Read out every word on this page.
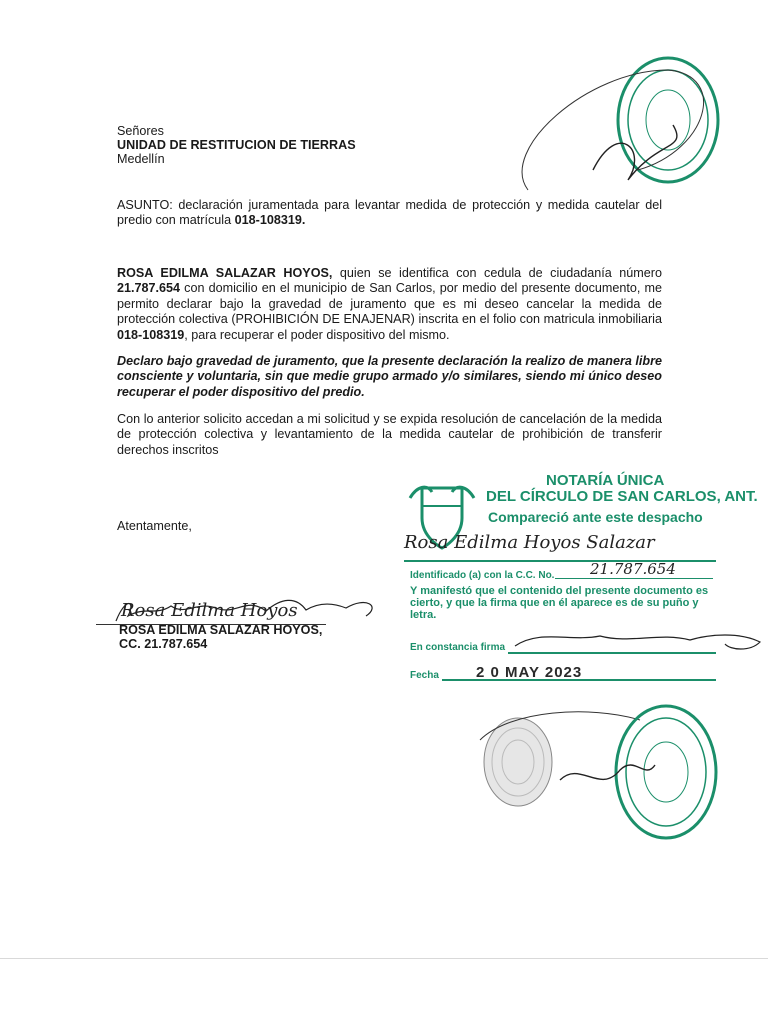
Señores
UNIDAD DE RESTITUCION DE TIERRAS
Medellín
ASUNTO: declaración juramentada para levantar medida de protección y medida cautelar del predio con matrícula 018-108319.
ROSA EDILMA SALAZAR HOYOS, quien se identifica con cedula de ciudadanía número 21.787.654 con domicilio en el municipio de San Carlos, por medio del presente documento, me permito declarar bajo la gravedad de juramento que es mi deseo cancelar la medida de protección colectiva (PROHIBICIÓN DE ENAJENAR) inscrita en el folio con matricula inmobiliaria 018-108319, para recuperar el poder dispositivo del mismo.
Declaro bajo gravedad de juramento, que la presente declaración la realizo de manera libre consciente y voluntaria, sin que medie grupo armado y/o similares, siendo mi único deseo recuperar el poder dispositivo del predio.
Con lo anterior solicito accedan a mi solicitud y se expida resolución de cancelación de la medida de protección colectiva y levantamiento de la medida cautelar de prohibición de transferir derechos inscritos
Atentamente,
Rosa Edilma Hoyos
ROSA EDILMA SALAZAR HOYOS,
CC. 21.787.654
NOTARÍA ÚNICA
DEL CÍRCULO DE SAN CARLOS, ANT.
Compareció ante este despacho
Rosa Edilma Hoyos Salazar
Identificado (a) con la C.C. No. 21.787.654
Y manifestó que el contenido del presente documento es cierto, y que la firma que en él aparece es de su puño y letra.
En constancia firma
Fecha 2 0 MAY 2023
